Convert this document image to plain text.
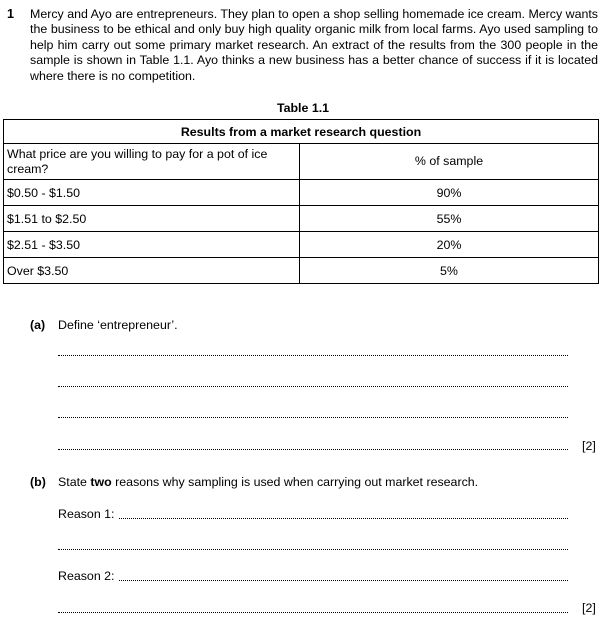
1 Mercy and Ayo are entrepreneurs. They plan to open a shop selling homemade ice cream. Mercy wants the business to be ethical and only buy high quality organic milk from local farms. Ayo used sampling to help him carry out some primary market research. An extract of the results from the 300 people in the sample is shown in Table 1.1. Ayo thinks a new business has a better chance of success if it is located where there is no competition.
Table 1.1
Results from a market research question	
What price are you willing to pay for a pot of ice cream?	% of sample
$0.50 - $1.50	90%
$1.51 to $2.50	55%
$2.51 - $3.50	20%
Over $3.50	5%
(a) Define ‘entrepreneur’.
[2]
(b) State two reasons why sampling is used when carrying out market research.
Reason 1:
Reason 2:
[2]
